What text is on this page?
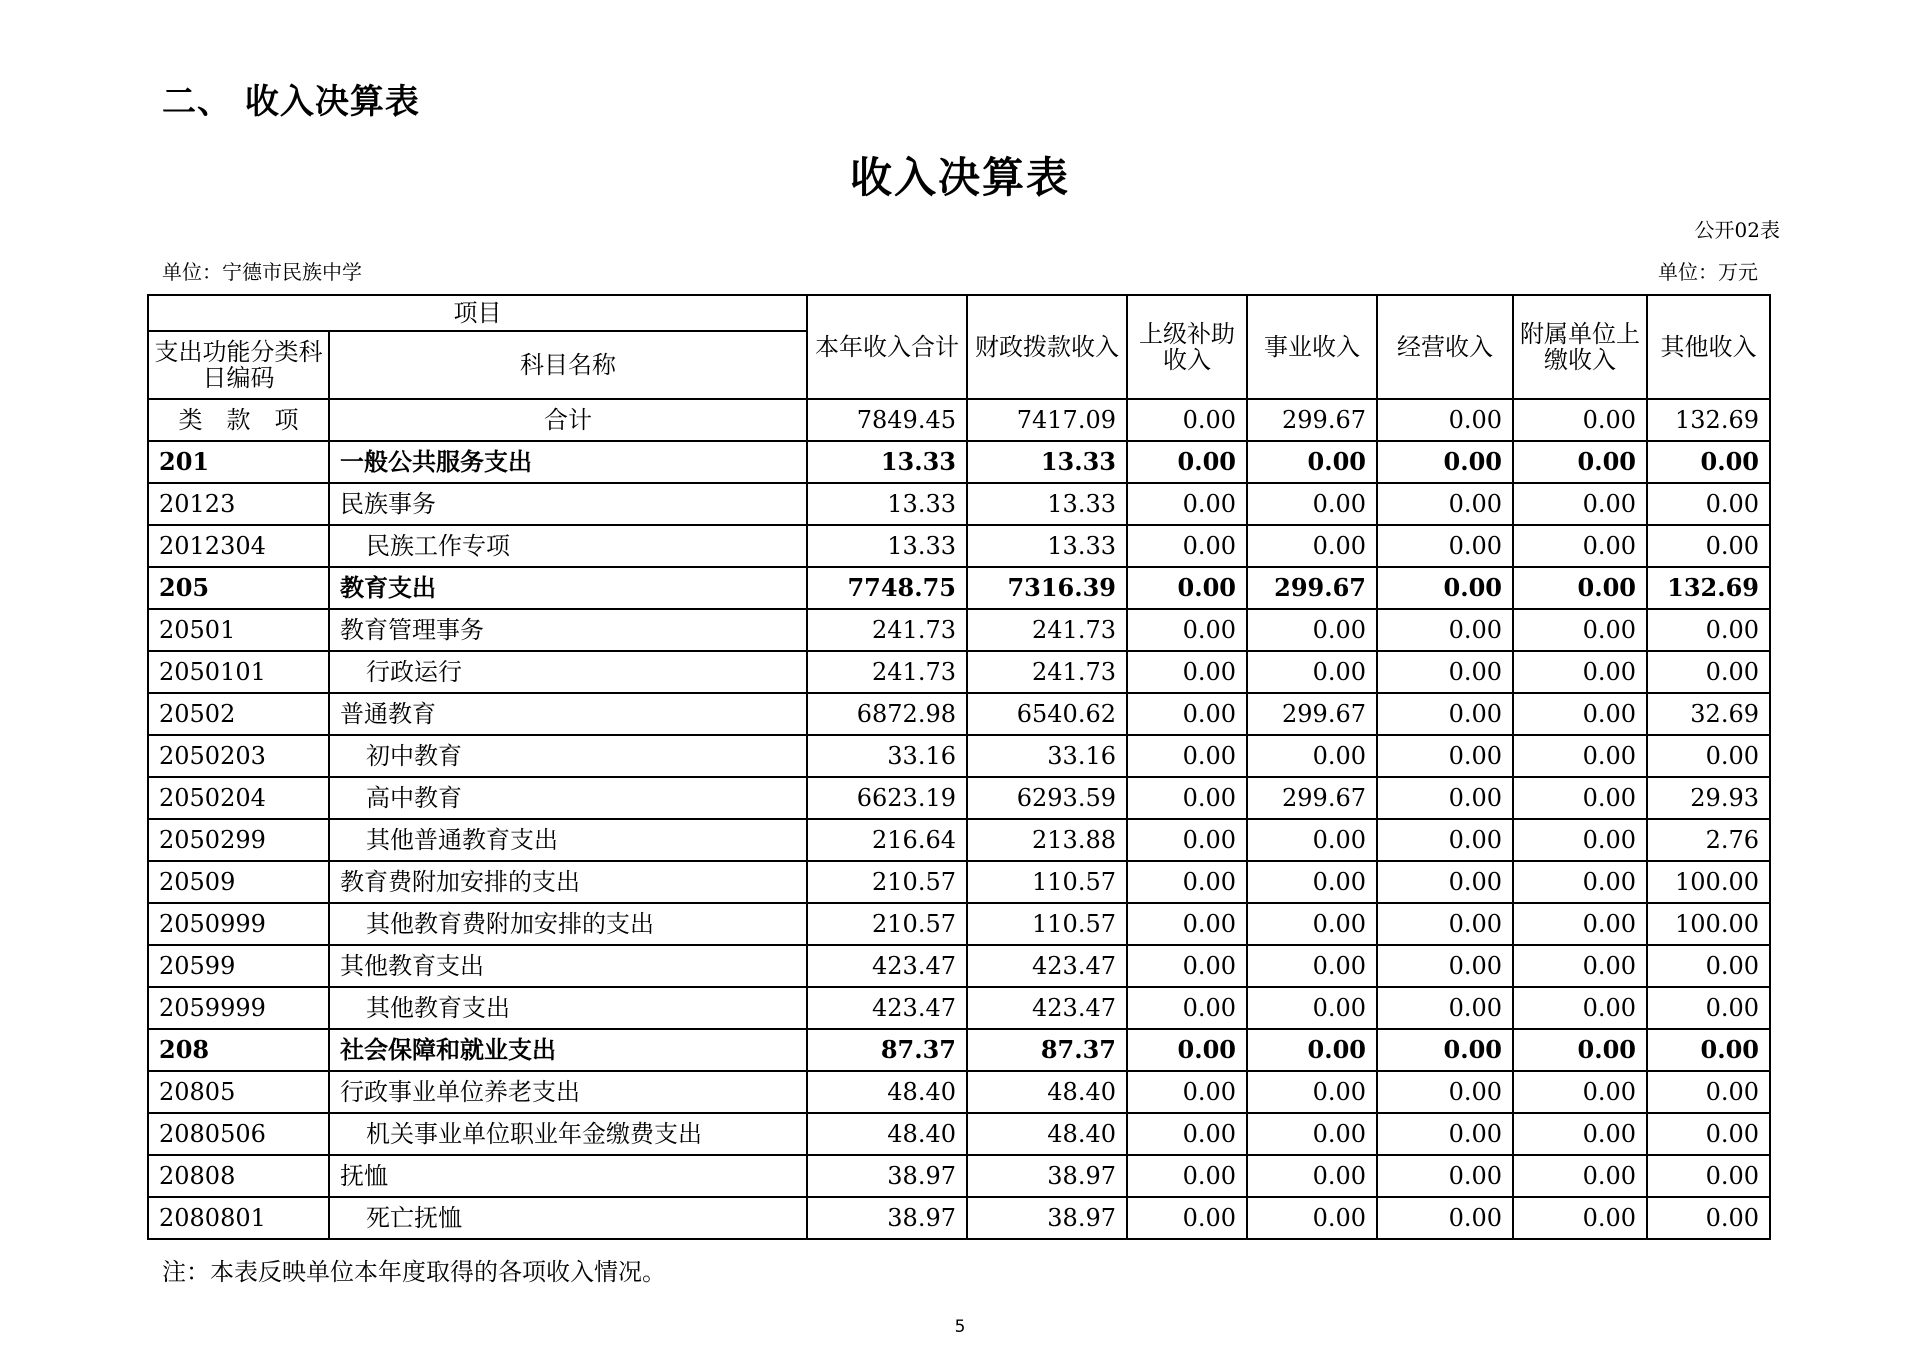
二、 收入决算表
收入决算表
公开02表
单位：宁德市民族中学	单位：万元
项目		本年收入合计	财政拨款收入	上级补助收入	事业收入	经营收入	附属单位上缴收入	其他收入
支出功能分类科日编码	科目名称							
类　款　项	合计	7849.45	7417.09	0.00	299.67	0.00	0.00	132.69
201	一般公共服务支出	13.33	13.33	0.00	0.00	0.00	0.00	0.00
20123	民族事务	13.33	13.33	0.00	0.00	0.00	0.00	0.00
2012304	民族工作专项	13.33	13.33	0.00	0.00	0.00	0.00	0.00
205	教育支出	7748.75	7316.39	0.00	299.67	0.00	0.00	132.69
20501	教育管理事务	241.73	241.73	0.00	0.00	0.00	0.00	0.00
2050101	行政运行	241.73	241.73	0.00	0.00	0.00	0.00	0.00
20502	普通教育	6872.98	6540.62	0.00	299.67	0.00	0.00	32.69
2050203	初中教育	33.16	33.16	0.00	0.00	0.00	0.00	0.00
2050204	高中教育	6623.19	6293.59	0.00	299.67	0.00	0.00	29.93
2050299	其他普通教育支出	216.64	213.88	0.00	0.00	0.00	0.00	2.76
20509	教育费附加安排的支出	210.57	110.57	0.00	0.00	0.00	0.00	100.00
2050999	其他教育费附加安排的支出	210.57	110.57	0.00	0.00	0.00	0.00	100.00
20599	其他教育支出	423.47	423.47	0.00	0.00	0.00	0.00	0.00
2059999	其他教育支出	423.47	423.47	0.00	0.00	0.00	0.00	0.00
208	社会保障和就业支出	87.37	87.37	0.00	0.00	0.00	0.00	0.00
20805	行政事业单位养老支出	48.40	48.40	0.00	0.00	0.00	0.00	0.00
2080506	机关事业单位职业年金缴费支出	48.40	48.40	0.00	0.00	0.00	0.00	0.00
20808	抚恤	38.97	38.97	0.00	0.00	0.00	0.00	0.00
2080801	死亡抚恤	38.97	38.97	0.00	0.00	0.00	0.00	0.00
注：本表反映单位本年度取得的各项收入情况。
5
